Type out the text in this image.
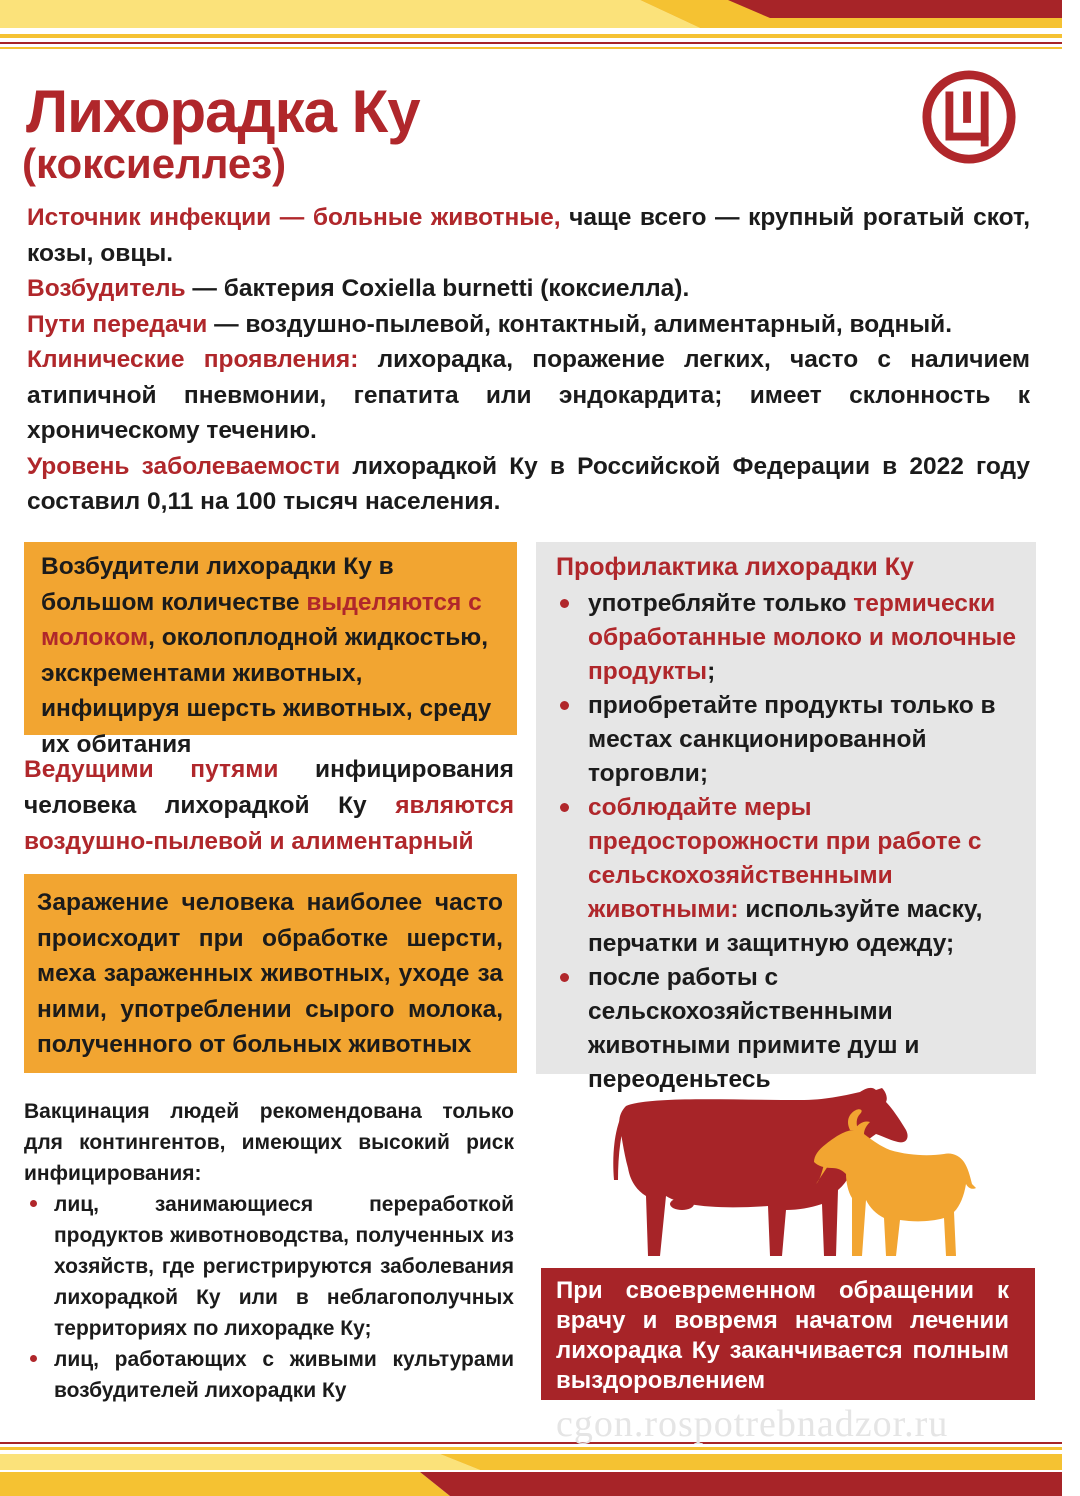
Лихорадка Ку
(коксиеллез)

Источник инфекции — больные животные, чаще всего — крупный рогатый скот, козы, овцы.

Возбудитель — бактерия Coxiella burnetti (коксиелла).

Пути передачи — воздушно-пылевой, контактный, алиментарный, водный.

Клинические проявления: лихорадка, поражение легких, часто с наличием атипичной пневмонии, гепатита или эндокардита; имеет склонность к хроническому течению.

Уровень заболеваемости лихорадкой Ку в Российской Федерации в 2022 году составил 0,11 на 100 тысяч населения.

Возбудители лихорадки Ку в большом количестве выделяются с молоком, околоплодной жидкостью, экскрементами животных, инфицируя шерсть животных, среду их обитания
Ведущими путями инфицирования человека лихорадкой Ку являются воздушно-пылевой и алиментарный
Заражение человека наиболее часто происходит при обработке шерсти, меха зараженных животных, уходе за ними, употреблении сырого молока, полученного от больных животных
Профилактика лихорадки Ку
употребляйте только термически обработанные молоко и молочные продукты;
приобретайте продукты только в местах санкционированной торговли;
соблюдайте меры предосторожности при работе с сельскохозяйственными животными: используйте маску, перчатки и защитную одежду;
после работы с сельскохозяйственными животными примите душ и переоденьтесь

Вакцинация людей рекомендована только для контингентов, имеющих высокий риск инфицирования:

лиц, занимающиеся переработкой продуктов животноводства, полученных из хозяйств, где регистрируются заболевания лихорадкой Ку или в неблагополучных территориях по лихорадке Ку;
лиц, работающих с живыми культурами возбудителей лихорадки Ку
При своевременном обращении к врачу и вовремя начатом лечении лихорадка Ку заканчивается полным выздоровлением
cgon.rospotrebnadzor.ru
